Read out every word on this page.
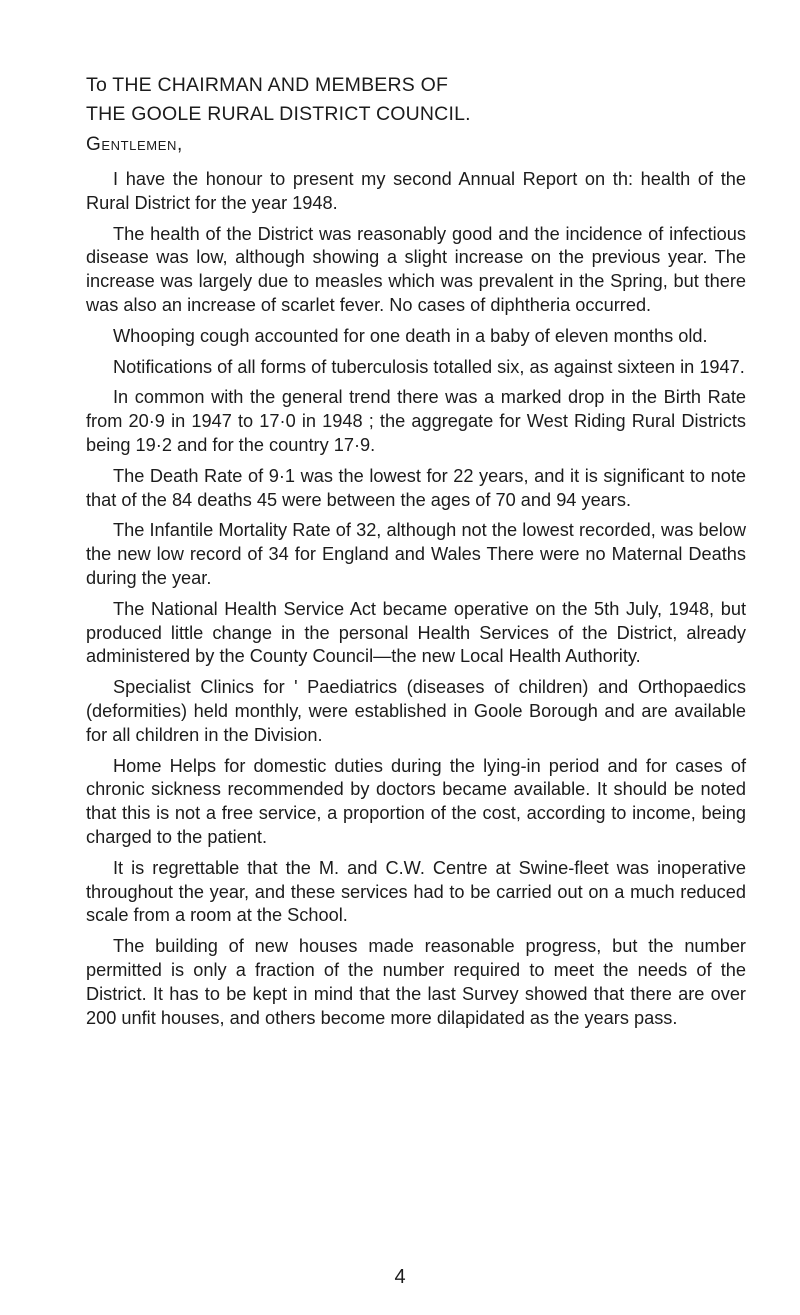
To THE CHAIRMAN AND MEMBERS OF
THE GOOLE RURAL DISTRICT COUNCIL.
Gentlemen,

I have the honour to present my second Annual Report on th: health of the Rural District for the year 1948.

The health of the District was reasonably good and the incidence of infectious disease was low, although showing a slight increase on the previous year. The increase was largely due to measles which was prevalent in the Spring, but there was also an increase of scarlet fever. No cases of diphtheria occurred.

Whooping cough accounted for one death in a baby of eleven months old.

Notifications of all forms of tuberculosis totalled six, as against sixteen in 1947.

In common with the general trend there was a marked drop in the Birth Rate from 20·9 in 1947 to 17·0 in 1948 ; the aggregate for West Riding Rural Districts being 19·2 and for the country 17·9.

The Death Rate of 9·1 was the lowest for 22 years, and it is significant to note that of the 84 deaths 45 were between the ages of 70 and 94 years.

The Infantile Mortality Rate of 32, although not the lowest recorded, was below the new low record of 34 for England and Wales There were no Maternal Deaths during the year.

The National Health Service Act became operative on the 5th July, 1948, but produced little change in the personal Health Services of the District, already administered by the County Council—the new Local Health Authority.

Specialist Clinics for ' Paediatrics (diseases of children) and Orthopaedics (deformities) held monthly, were established in Goole Borough and are available for all children in the Division.

Home Helps for domestic duties during the lying-in period and for cases of chronic sickness recommended by doctors became available. It should be noted that this is not a free service, a proportion of the cost, according to income, being charged to the patient.

It is regrettable that the M. and C.W. Centre at Swine-fleet was inoperative throughout the year, and these services had to be carried out on a much reduced scale from a room at the School.

The building of new houses made reasonable progress, but the number permitted is only a fraction of the number required to meet the needs of the District. It has to be kept in mind that the last Survey showed that there are over 200 unfit houses, and others become more dilapidated as the years pass.

4
